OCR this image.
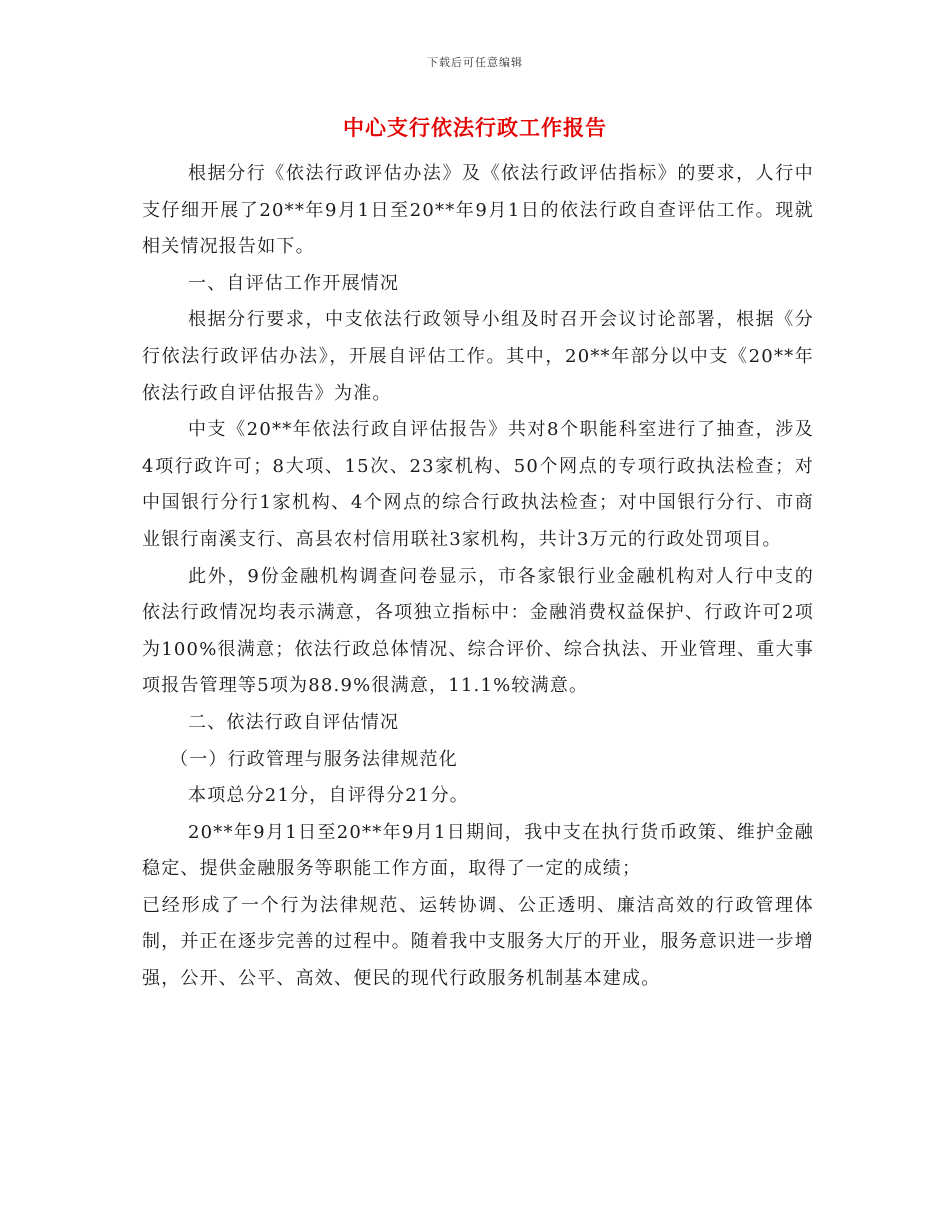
下载后可任意编辑
中心支行依法行政工作报告

根据分行《依法行政评估办法》及《依法行政评估指标》的要求，人行中支仔细开展了20**年9月1日至20**年9月1日的依法行政自查评估工作。现就相关情况报告如下。

一、自评估工作开展情况

根据分行要求，中支依法行政领导小组及时召开会议讨论部署，根据《分行依法行政评估办法》，开展自评估工作。其中，20**年部分以中支《20**年依法行政自评估报告》为准。

中支《20**年依法行政自评估报告》共对8个职能科室进行了抽查，涉及4项行政许可；8大项、15次、23家机构、50个网点的专项行政执法检查；对中国银行分行1家机构、4个网点的综合行政执法检查；对中国银行分行、市商业银行南溪支行、高县农村信用联社3家机构，共计3万元的行政处罚项目。

此外，9份金融机构调查问卷显示，市各家银行业金融机构对人行中支的依法行政情况均表示满意，各项独立指标中：金融消费权益保护、行政许可2项为100%很满意；依法行政总体情况、综合评价、综合执法、开业管理、重大事项报告管理等5项为88.9%很满意，11.1%较满意。

二、依法行政自评估情况

（一）行政管理与服务法律规范化

本项总分21分，自评得分21分。

20**年9月1日至20**年9月1日期间，我中支在执行货币政策、维护金融稳定、提供金融服务等职能工作方面，取得了一定的成绩；

已经形成了一个行为法律规范、运转协调、公正透明、廉洁高效的行政管理体制，并正在逐步完善的过程中。随着我中支服务大厅的开业，服务意识进一步增强，公开、公平、高效、便民的现代行政服务机制基本建成。
